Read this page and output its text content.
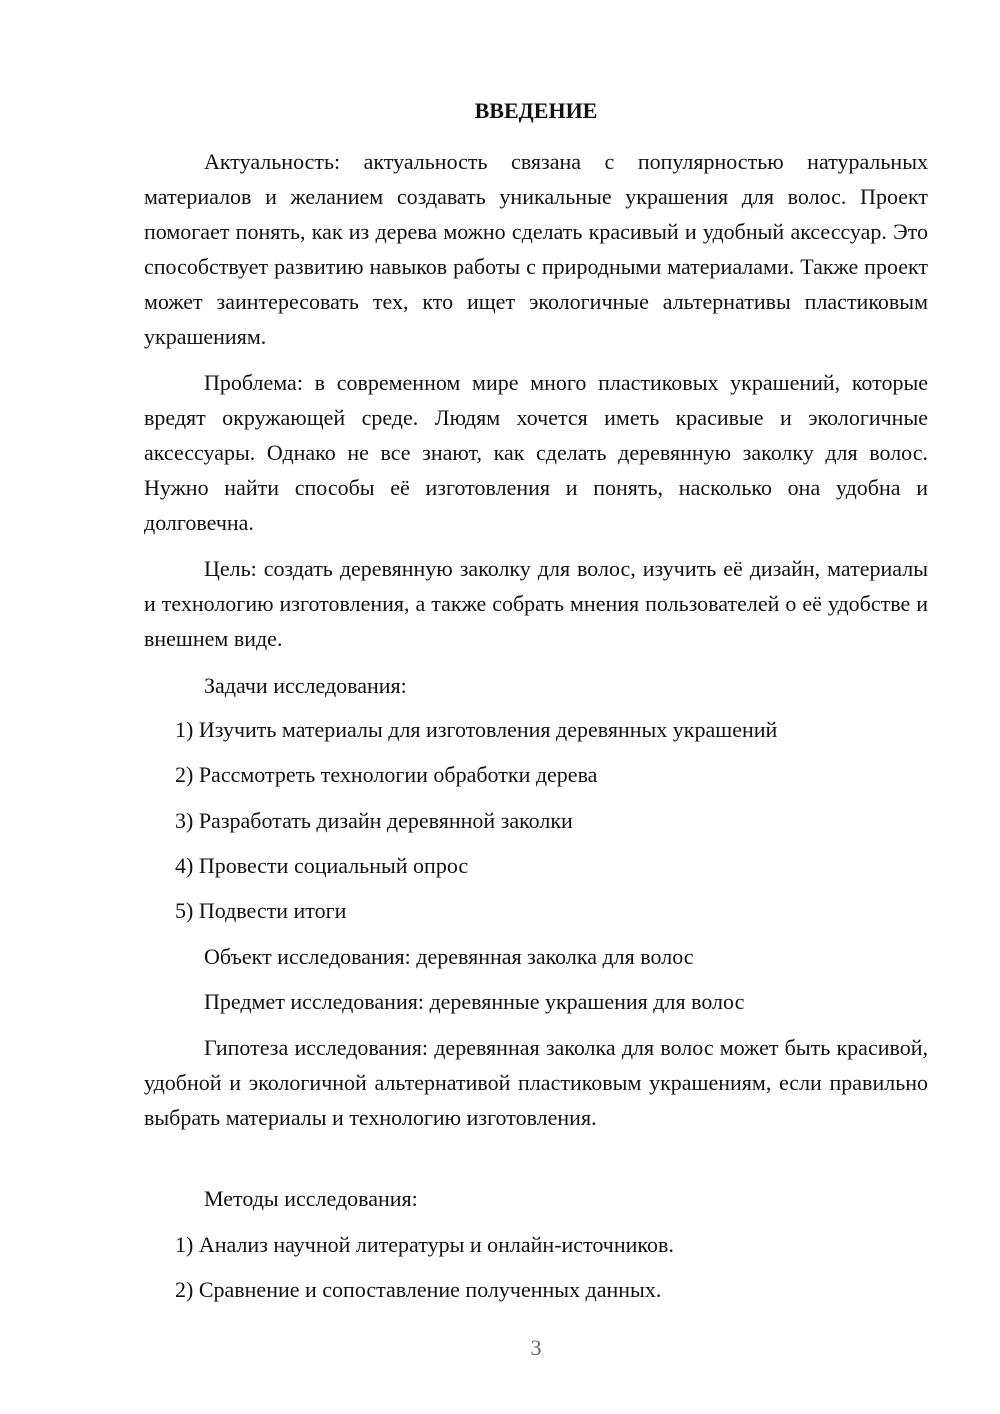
ВВЕДЕНИЕ

Актуальность: актуальность связана с популярностью натуральных материалов и желанием создавать уникальные украшения для волос. Проект помогает понять, как из дерева можно сделать красивый и удобный аксессуар. Это способствует развитию навыков работы с природными материалами. Также проект может заинтересовать тех, кто ищет экологичные альтернативы пластиковым украшениям.

Проблема: в современном мире много пластиковых украшений, которые вредят окружающей среде. Людям хочется иметь красивые и экологичные аксессуары. Однако не все знают, как сделать деревянную заколку для волос. Нужно найти способы её изготовления и понять, насколько она удобна и долговечна.

Цель: создать деревянную заколку для волос, изучить её дизайн, материалы и технологию изготовления, а также собрать мнения пользователей о её удобстве и внешнем виде.

Задачи исследования:

1) Изучить материалы для изготовления деревянных украшений

2) Рассмотреть технологии обработки дерева

3) Разработать дизайн деревянной заколки

4) Провести социальный опрос

5) Подвести итоги

Объект исследования: деревянная заколка для волос

Предмет исследования: деревянные украшения для волос

Гипотеза исследования: деревянная заколка для волос может быть красивой, удобной и экологичной альтернативой пластиковым украшениям, если правильно выбрать материалы и технологию изготовления.

Методы исследования:

1) Анализ научной литературы и онлайн-источников.

2) Сравнение и сопоставление полученных данных.

3
